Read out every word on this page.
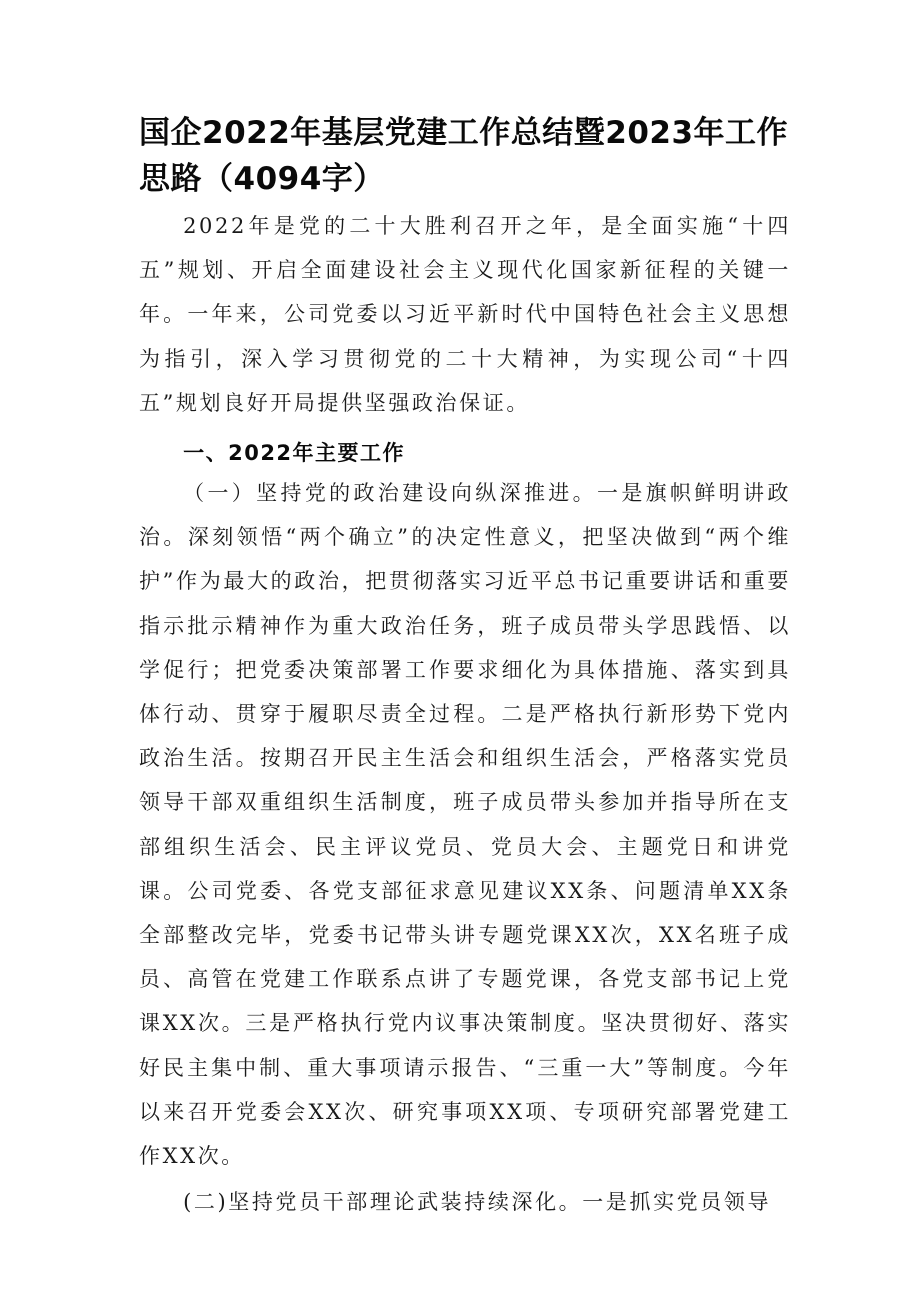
国企2022年基层党建工作总结暨2023年工作思路（4094字）

2022年是党的二十大胜利召开之年，是全面实施“十四五”规划、开启全面建设社会主义现代化国家新征程的关键一年。一年来，公司党委以习近平新时代中国特色社会主义思想为指引，深入学习贯彻党的二十大精神，为实现公司“十四五”规划良好开局提供坚强政治保证。

一、2022年主要工作

（一）坚持党的政治建设向纵深推进。一是旗帜鲜明讲政治。深刻领悟“两个确立”的决定性意义，把坚决做到“两个维护”作为最大的政治，把贯彻落实习近平总书记重要讲话和重要指示批示精神作为重大政治任务，班子成员带头学思践悟、以学促行；把党委决策部署工作要求细化为具体措施、落实到具体行动、贯穿于履职尽责全过程。二是严格执行新形势下党内政治生活。按期召开民主生活会和组织生活会，严格落实党员领导干部双重组织生活制度，班子成员带头参加并指导所在支部组织生活会、民主评议党员、党员大会、主题党日和讲党课。公司党委、各党支部征求意见建议XX条、问题清单XX条全部整改完毕，党委书记带头讲专题党课XX次，XX名班子成员、高管在党建工作联系点讲了专题党课，各党支部书记上党课XX次。三是严格执行党内议事决策制度。坚决贯彻好、落实好民主集中制、重大事项请示报告、“三重一大”等制度。今年以来召开党委会XX次、研究事项XX项、专项研究部署党建工作XX次。

(二)坚持党员干部理论武装持续深化。一是抓实党员领导
